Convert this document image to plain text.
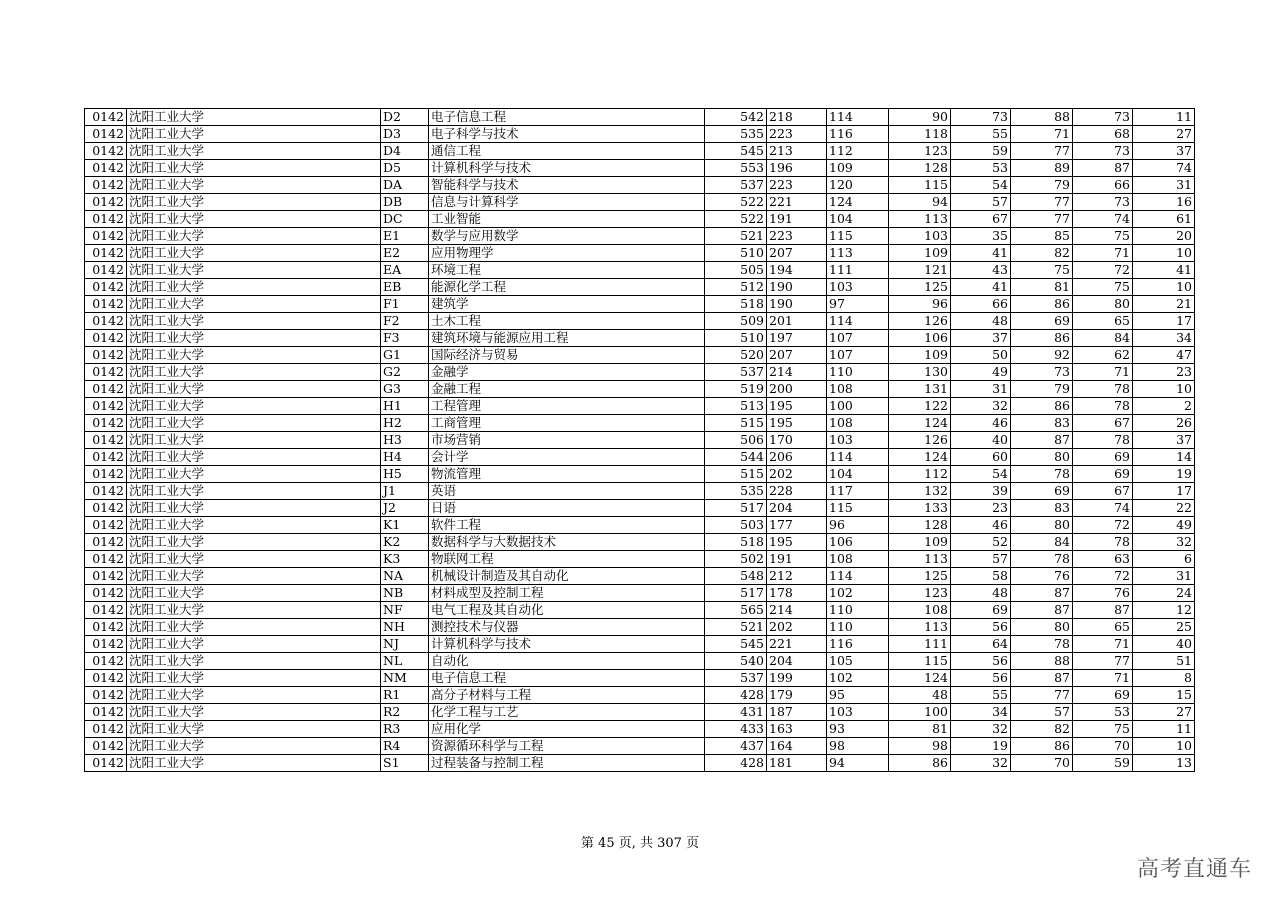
0142	沈阳工业大学	D2	电子信息工程	542	218	114	90	73	88	73	11
0142	沈阳工业大学	D3	电子科学与技术	535	223	116	118	55	71	68	27
0142	沈阳工业大学	D4	通信工程	545	213	112	123	59	77	73	37
0142	沈阳工业大学	D5	计算机科学与技术	553	196	109	128	53	89	87	74
0142	沈阳工业大学	DA	智能科学与技术	537	223	120	115	54	79	66	31
0142	沈阳工业大学	DB	信息与计算科学	522	221	124	94	57	77	73	16
0142	沈阳工业大学	DC	工业智能	522	191	104	113	67	77	74	61
0142	沈阳工业大学	E1	数学与应用数学	521	223	115	103	35	85	75	20
0142	沈阳工业大学	E2	应用物理学	510	207	113	109	41	82	71	10
0142	沈阳工业大学	EA	环境工程	505	194	111	121	43	75	72	41
0142	沈阳工业大学	EB	能源化学工程	512	190	103	125	41	81	75	10
0142	沈阳工业大学	F1	建筑学	518	190	97	96	66	86	80	21
0142	沈阳工业大学	F2	土木工程	509	201	114	126	48	69	65	17
0142	沈阳工业大学	F3	建筑环境与能源应用工程	510	197	107	106	37	86	84	34
0142	沈阳工业大学	G1	国际经济与贸易	520	207	107	109	50	92	62	47
0142	沈阳工业大学	G2	金融学	537	214	110	130	49	73	71	23
0142	沈阳工业大学	G3	金融工程	519	200	108	131	31	79	78	10
0142	沈阳工业大学	H1	工程管理	513	195	100	122	32	86	78	2
0142	沈阳工业大学	H2	工商管理	515	195	108	124	46	83	67	26
0142	沈阳工业大学	H3	市场营销	506	170	103	126	40	87	78	37
0142	沈阳工业大学	H4	会计学	544	206	114	124	60	80	69	14
0142	沈阳工业大学	H5	物流管理	515	202	104	112	54	78	69	19
0142	沈阳工业大学	J1	英语	535	228	117	132	39	69	67	17
0142	沈阳工业大学	J2	日语	517	204	115	133	23	83	74	22
0142	沈阳工业大学	K1	软件工程	503	177	96	128	46	80	72	49
0142	沈阳工业大学	K2	数据科学与大数据技术	518	195	106	109	52	84	78	32
0142	沈阳工业大学	K3	物联网工程	502	191	108	113	57	78	63	6
0142	沈阳工业大学	NA	机械设计制造及其自动化	548	212	114	125	58	76	72	31
0142	沈阳工业大学	NB	材料成型及控制工程	517	178	102	123	48	87	76	24
0142	沈阳工业大学	NF	电气工程及其自动化	565	214	110	108	69	87	87	12
0142	沈阳工业大学	NH	测控技术与仪器	521	202	110	113	56	80	65	25
0142	沈阳工业大学	NJ	计算机科学与技术	545	221	116	111	64	78	71	40
0142	沈阳工业大学	NL	自动化	540	204	105	115	56	88	77	51
0142	沈阳工业大学	NM	电子信息工程	537	199	102	124	56	87	71	8
0142	沈阳工业大学	R1	高分子材料与工程	428	179	95	48	55	77	69	15
0142	沈阳工业大学	R2	化学工程与工艺	431	187	103	100	34	57	53	27
0142	沈阳工业大学	R3	应用化学	433	163	93	81	32	82	75	11
0142	沈阳工业大学	R4	资源循环科学与工程	437	164	98	98	19	86	70	10
0142	沈阳工业大学	S1	过程装备与控制工程	428	181	94	86	32	70	59	13
第 45 页, 共 307 页
高考直通车
